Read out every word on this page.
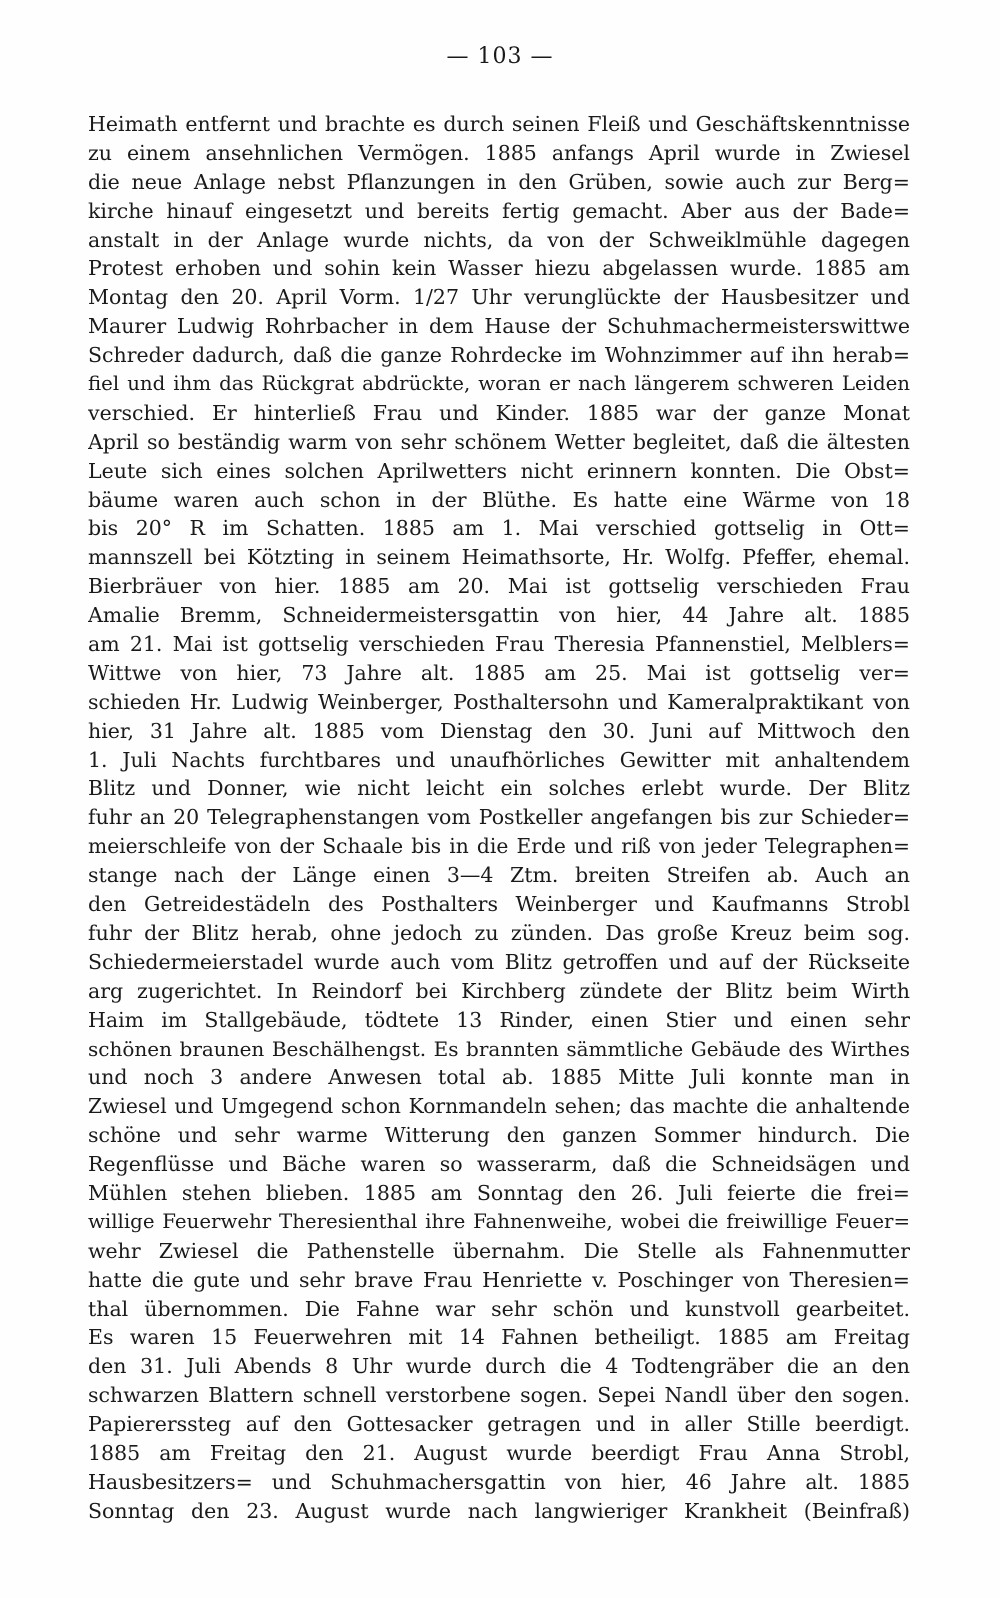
— 103 —
Heimath entfernt und brachte es durch seinen Fleiß und Geschäftskenntnisse
zu einem ansehnlichen Vermögen. 1885 anfangs April wurde in Zwiesel
die neue Anlage nebst Pflanzungen in den Grüben, sowie auch zur Berg=
kirche hinauf eingesetzt und bereits fertig gemacht. Aber aus der Bade=
anstalt in der Anlage wurde nichts, da von der Schweiklmühle dagegen
Protest erhoben und sohin kein Wasser hiezu abgelassen wurde. 1885 am
Montag den 20. April Vorm. 1/27 Uhr verunglückte der Hausbesitzer und
Maurer Ludwig Rohrbacher in dem Hause der Schuhmachermeisterswittwe
Schreder dadurch, daß die ganze Rohrdecke im Wohnzimmer auf ihn herab=
fiel und ihm das Rückgrat abdrückte, woran er nach längerem schweren Leiden
verschied. Er hinterließ Frau und Kinder. 1885 war der ganze Monat
April so beständig warm von sehr schönem Wetter begleitet, daß die ältesten
Leute sich eines solchen Aprilwetters nicht erinnern konnten. Die Obst=
bäume waren auch schon in der Blüthe. Es hatte eine Wärme von 18
bis 20° R im Schatten. 1885 am 1. Mai verschied gottselig in Ott=
mannszell bei Kötzting in seinem Heimathsorte, Hr. Wolfg. Pfeffer, ehemal.
Bierbräuer von hier. 1885 am 20. Mai ist gottselig verschieden Frau
Amalie Bremm, Schneidermeistersgattin von hier, 44 Jahre alt. 1885
am 21. Mai ist gottselig verschieden Frau Theresia Pfannenstiel, Melblers=
Wittwe von hier, 73 Jahre alt. 1885 am 25. Mai ist gottselig ver=
schieden Hr. Ludwig Weinberger, Posthaltersohn und Kameralpraktikant von
hier, 31 Jahre alt. 1885 vom Dienstag den 30. Juni auf Mittwoch den
1. Juli Nachts furchtbares und unaufhörliches Gewitter mit anhaltendem
Blitz und Donner, wie nicht leicht ein solches erlebt wurde. Der Blitz
fuhr an 20 Telegraphenstangen vom Postkeller angefangen bis zur Schieder=
meierschleife von der Schaale bis in die Erde und riß von jeder Telegraphen=
stange nach der Länge einen 3—4 Ztm. breiten Streifen ab. Auch an
den Getreidestädeln des Posthalters Weinberger und Kaufmanns Strobl
fuhr der Blitz herab, ohne jedoch zu zünden. Das große Kreuz beim sog.
Schiedermeierstadel wurde auch vom Blitz getroffen und auf der Rückseite
arg zugerichtet. In Reindorf bei Kirchberg zündete der Blitz beim Wirth
Haim im Stallgebäude, tödtete 13 Rinder, einen Stier und einen sehr
schönen braunen Beschälhengst. Es brannten sämmtliche Gebäude des Wirthes
und noch 3 andere Anwesen total ab. 1885 Mitte Juli konnte man in
Zwiesel und Umgegend schon Kornmandeln sehen; das machte die anhaltende
schöne und sehr warme Witterung den ganzen Sommer hindurch. Die
Regenflüsse und Bäche waren so wasserarm, daß die Schneidsägen und
Mühlen stehen blieben. 1885 am Sonntag den 26. Juli feierte die frei=
willige Feuerwehr Theresienthal ihre Fahnenweihe, wobei die freiwillige Feuer=
wehr Zwiesel die Pathenstelle übernahm. Die Stelle als Fahnenmutter
hatte die gute und sehr brave Frau Henriette v. Poschinger von Theresien=
thal übernommen. Die Fahne war sehr schön und kunstvoll gearbeitet.
Es waren 15 Feuerwehren mit 14 Fahnen betheiligt. 1885 am Freitag
den 31. Juli Abends 8 Uhr wurde durch die 4 Todtengräber die an den
schwarzen Blattern schnell verstorbene sogen. Sepei Nandl über den sogen.
Papiererssteg auf den Gottesacker getragen und in aller Stille beerdigt.
1885 am Freitag den 21. August wurde beerdigt Frau Anna Strobl,
Hausbesitzers= und Schuhmachersgattin von hier, 46 Jahre alt. 1885
Sonntag den 23. August wurde nach langwieriger Krankheit (Beinfraß)
